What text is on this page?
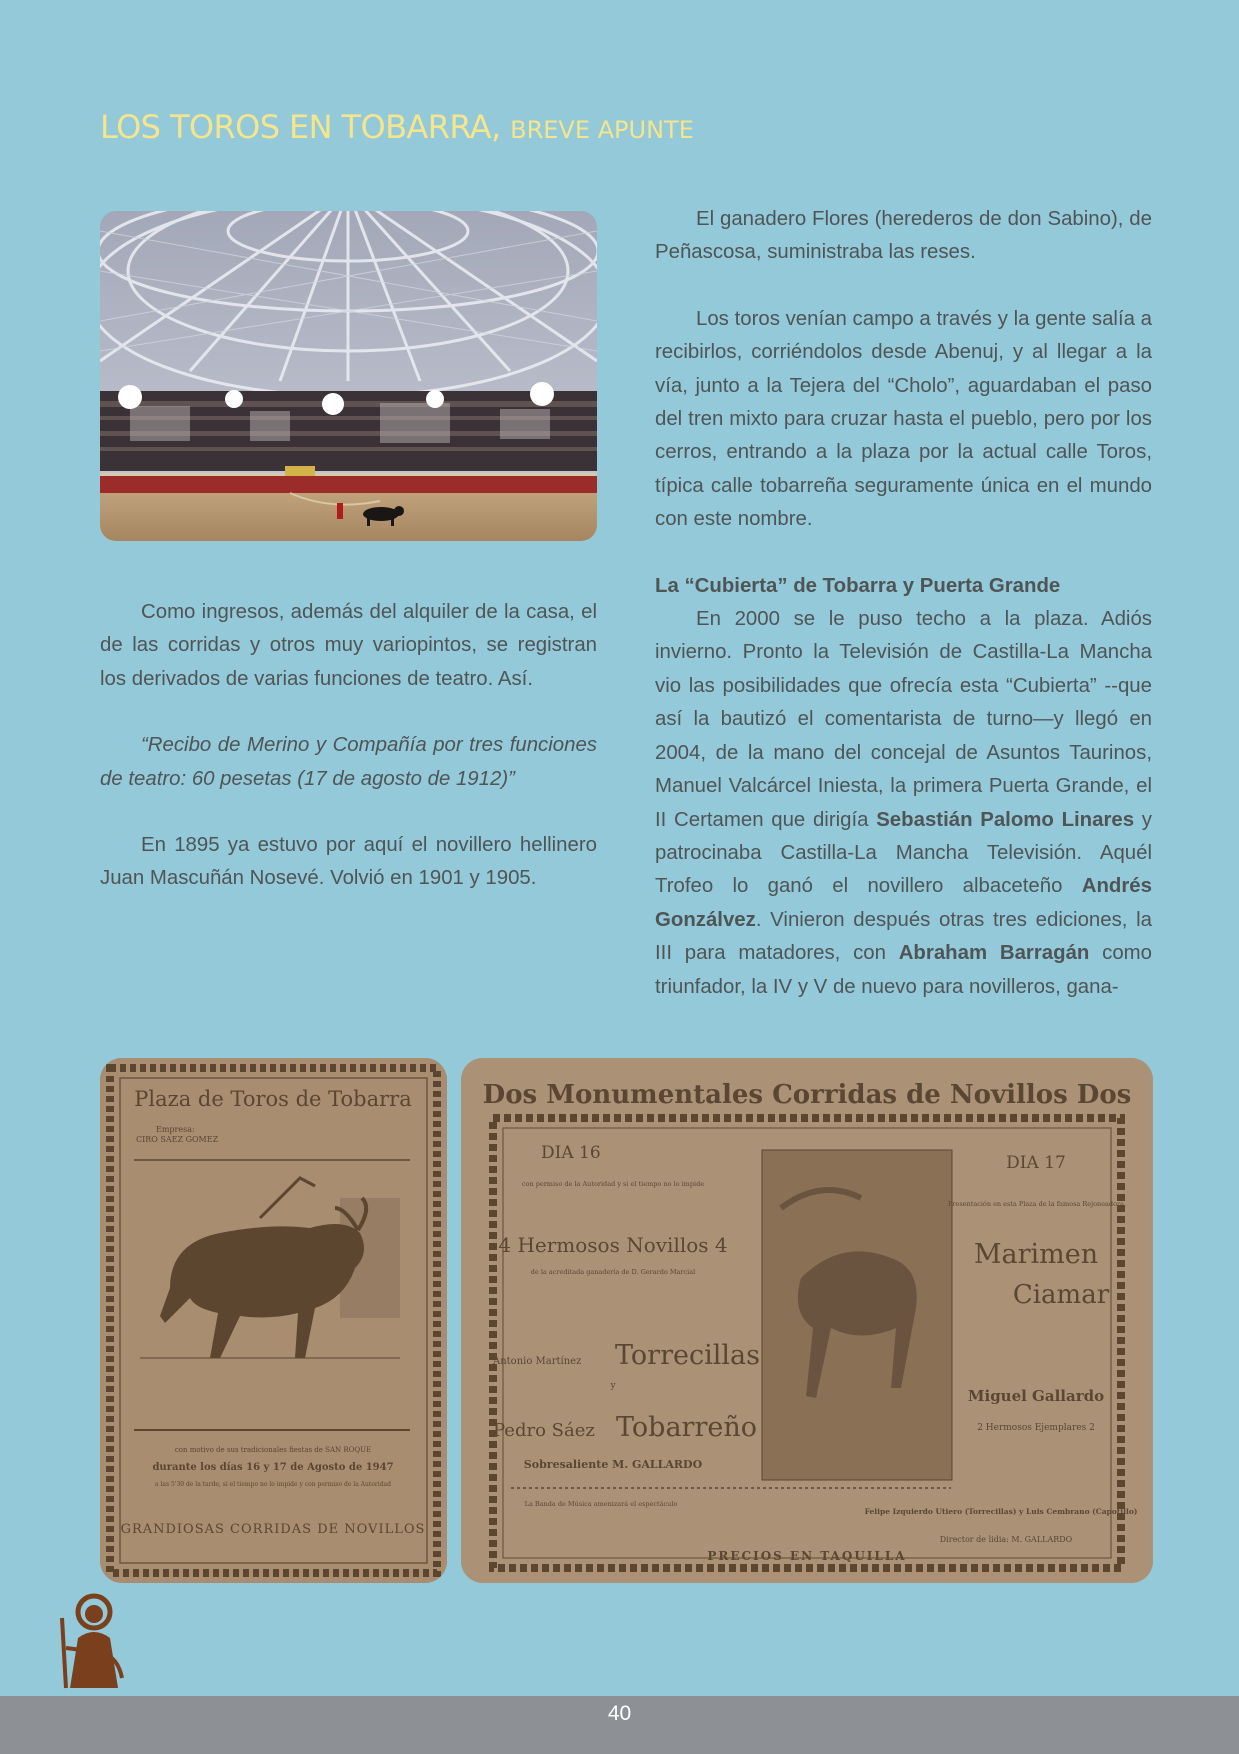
LOS TOROS EN TOBARRA, BREVE APUNTE

Como ingresos, además del alquiler de la casa, el de las corridas y otros muy variopintos, se registran los derivados de varias funciones de teatro. Así.

“Recibo de Merino y Compañía por tres funciones de teatro: 60 pesetas (17 de agosto de 1912)”

En 1895 ya estuvo por aquí el novillero hellinero Juan Mascuñán Nosevé. Volvió en 1901 y 1905.

El ganadero Flores (herederos de don Sabino), de Peñascosa, suministraba las reses.

Los toros venían campo a través y la gente salía a recibirlos, corriéndolos desde Abenuj, y al llegar a la vía, junto a la Tejera del “Cholo”, aguardaban el paso del tren mixto para cruzar hasta el pueblo, pero por los cerros, entrando a la plaza por la actual calle Toros, típica calle tobarreña seguramente única en el mundo con este nombre.

La “Cubierta” de Tobarra y Puerta Grande

En 2000 se le puso techo a la plaza. Adiós invierno. Pronto la Televisión de Castilla-La Mancha vio las posibilidades que ofrecía esta “Cubierta” --que así la bautizó el comentarista de turno—y llegó en 2004, de la mano del concejal de Asuntos Taurinos, Manuel Valcárcel Iniesta, la primera Puerta Grande, el II Certamen que dirigía Sebastián Palomo Linares y patrocinaba Castilla-La Mancha Televisión. Aquél Trofeo lo ganó el novillero albaceteño Andrés Gonzálvez. Vinieron después otras tres ediciones, la III para matadores, con Abraham Barragán como triunfador, la IV y V de nuevo para novilleros, gana-

Plaza de Toros de Tobarra
Empresa:
CIRO SAEZ GOMEZ
con motivo de sus tradicionales fiestas de SAN ROQUE
durante los días 16 y 17 de Agosto de 1947
a las 5'30 de la tarde, si el tiempo no lo impide y con permiso de la Autoridad
GRANDIOSAS CORRIDAS DE NOVILLOS
Dos Monumentales Corridas de Novillos Dos
DIA 16
con permiso de la Autoridad y si el tiempo no lo impide
4 Hermosos Novillos 4
de la acreditada ganadería de D. Gerardo Marcial
Antonio Martínez Torrecillas
y
Pedro Sáez Tobarreño
Sobresaliente M. GALLARDO
La Banda de Música amenizará el espectáculo
PRECIOS EN TAQUILLA
DIA 17
Presentación en esta Plaza de la famosa Rejoneadora
Marimen
Ciamar
Miguel Gallardo
2 Hermosos Ejemplares 2
Felipe Izquierdo Utiero (Torrecillas) y Luis Cembrano (Capotillo)
Director de lidia: M. GALLARDO
40
